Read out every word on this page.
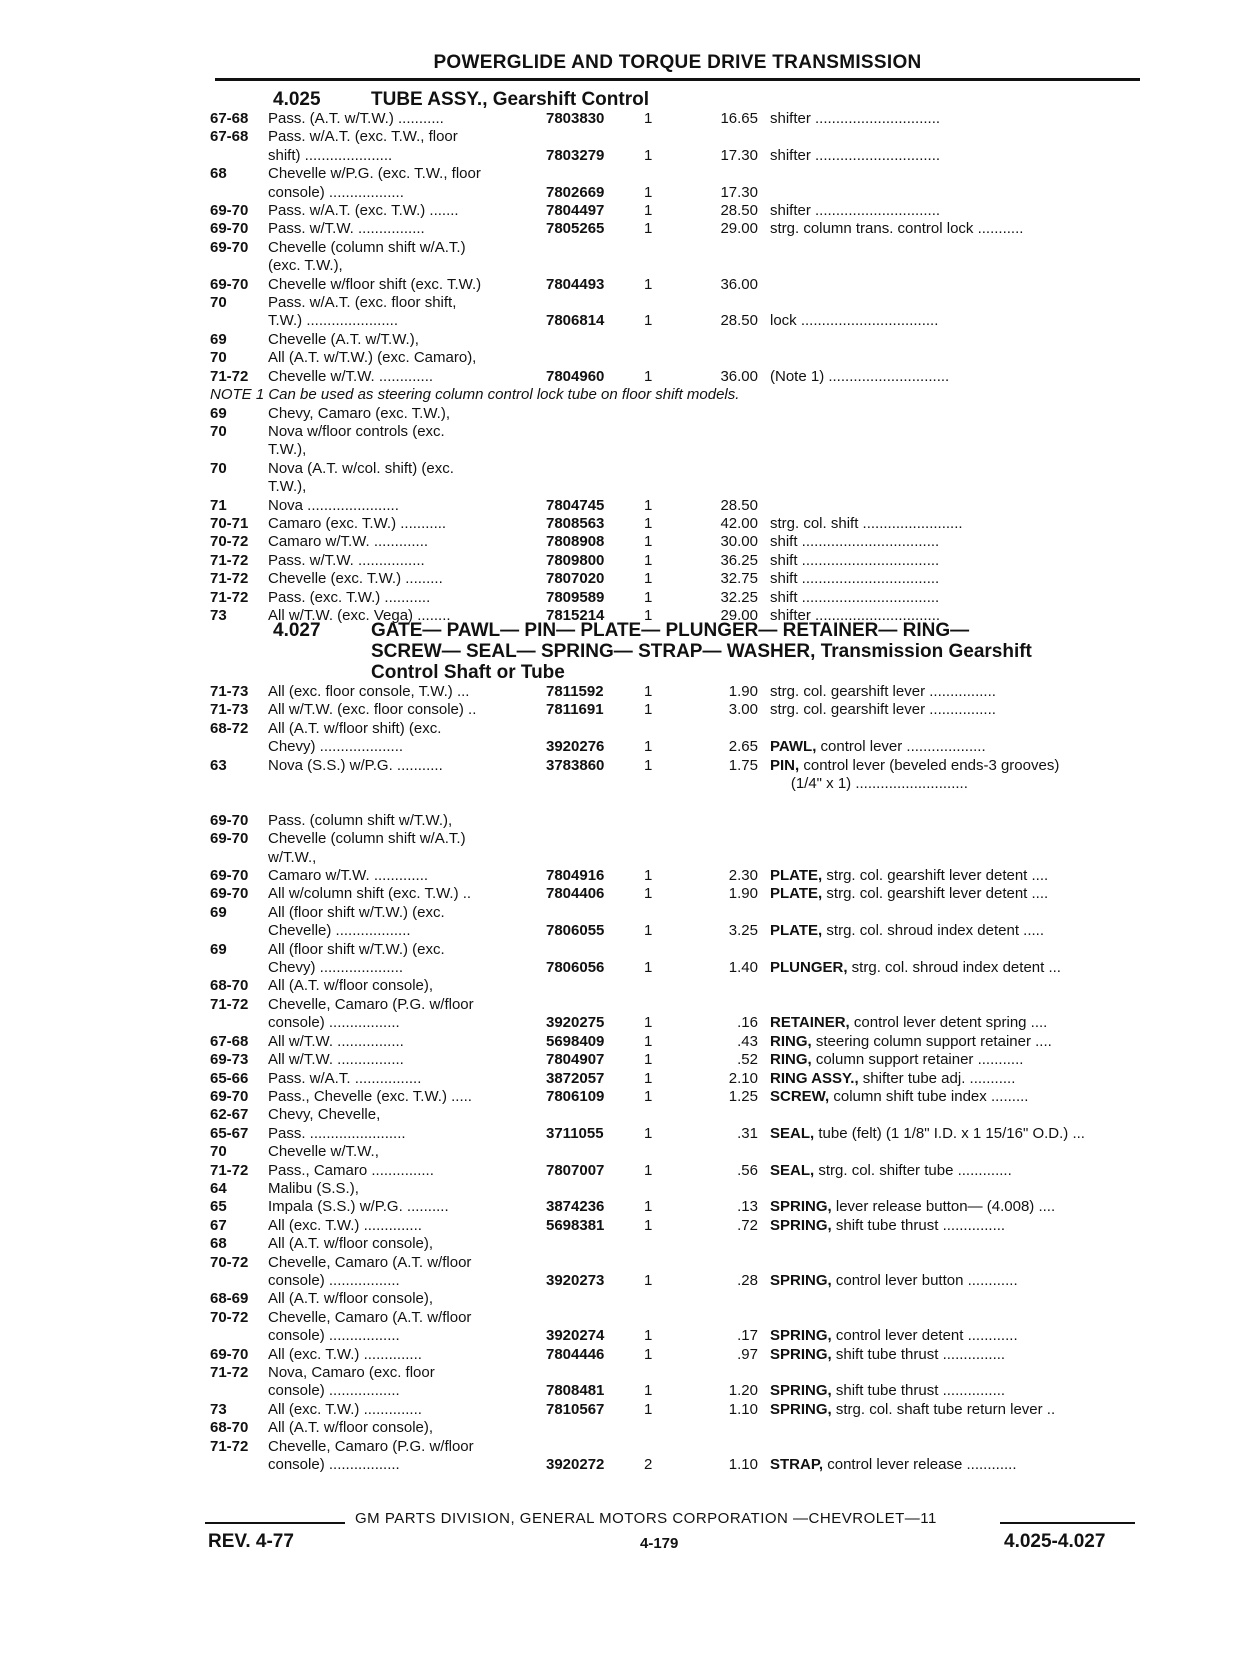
POWERGLIDE AND TORQUE DRIVE TRANSMISSION
4.025	TUBE ASSY., Gearshift Control
67-68	Pass. (A.T. w/T.W.) ...........	7803830	1	16.65	shifter ..............................
67-68	Pass. w/A.T. (exc. T.W., floor				
	shift) .....................	7803279	1	17.30	shifter ..............................
68	Chevelle w/P.G. (exc. T.W., floor				
	console) ..................	7802669	1	17.30	
69-70	Pass. w/A.T. (exc. T.W.) .......	7804497	1	28.50	shifter ..............................
69-70	Pass. w/T.W. ................	7805265	1	29.00	strg. column trans. control lock ...........
69-70	Chevelle (column shift w/A.T.)				
	(exc. T.W.),				
69-70	Chevelle w/floor shift (exc. T.W.)	7804493	1	36.00	
70	Pass. w/A.T. (exc. floor shift,				
	T.W.) ......................	7806814	1	28.50	lock .................................
69	Chevelle (A.T. w/T.W.),				
70	All (A.T. w/T.W.) (exc. Camaro),				
71-72	Chevelle w/T.W. .............	7804960	1	36.00	(Note 1) .............................
NOTE 1 Can be used as steering column control lock tube on floor shift models.					
69	Chevy, Camaro (exc. T.W.),				
70	Nova w/floor controls (exc.				
	T.W.),				
70	Nova (A.T. w/col. shift) (exc.				
	T.W.),				
71	Nova ......................	7804745	1	28.50	
70-71	Camaro (exc. T.W.) ...........	7808563	1	42.00	strg. col. shift ........................
70-72	Camaro w/T.W. .............	7808908	1	30.00	shift .................................
71-72	Pass. w/T.W. ................	7809800	1	36.25	shift .................................
71-72	Chevelle (exc. T.W.) .........	7807020	1	32.75	shift .................................
71-72	Pass. (exc. T.W.) ...........	7809589	1	32.25	shift .................................
73	All w/T.W. (exc. Vega) ........	7815214	1	29.00	shifter ..............................
4.027	GATE— PAWL— PIN— PLATE— PLUNGER— RETAINER— RING—
SCREW— SEAL— SPRING— STRAP— WASHER, Transmission Gearshift
Control Shaft or Tube
71-73	All (exc. floor console, T.W.) ...	7811592	1	1.90	strg. col. gearshift lever ................
71-73	All w/T.W. (exc. floor console) ..	7811691	1	3.00	strg. col. gearshift lever ................
68-72	All (A.T. w/floor shift) (exc.				
	Chevy) ....................	3920276	1	2.65	PAWL, control lever ...................
63	Nova (S.S.) w/P.G. ...........	3783860	1	1.75	PIN, control lever (beveled ends-3 grooves)
					(1/4" x 1) ...........................

69-70	Pass. (column shift w/T.W.),				
69-70	Chevelle (column shift w/A.T.)				
	w/T.W.,				
69-70	Camaro w/T.W. .............	7804916	1	2.30	PLATE, strg. col. gearshift lever detent ....
69-70	All w/column shift (exc. T.W.) ..	7804406	1	1.90	PLATE, strg. col. gearshift lever detent ....
69	All (floor shift w/T.W.) (exc.				
	Chevelle) ..................	7806055	1	3.25	PLATE, strg. col. shroud index detent .....
69	All (floor shift w/T.W.) (exc.				
	Chevy) ....................	7806056	1	1.40	PLUNGER, strg. col. shroud index detent ...
68-70	All (A.T. w/floor console),				
71-72	Chevelle, Camaro (P.G. w/floor				
	console) .................	3920275	1	.16	RETAINER, control lever detent spring ....
67-68	All w/T.W. ................	5698409	1	.43	RING, steering column support retainer ....
69-73	All w/T.W. ................	7804907	1	.52	RING, column support retainer ...........
65-66	Pass. w/A.T. ................	3872057	1	2.10	RING ASSY., shifter tube adj. ...........
69-70	Pass., Chevelle (exc. T.W.) .....	7806109	1	1.25	SCREW, column shift tube index .........
62-67	Chevy, Chevelle,				
65-67	Pass. .......................	3711055	1	.31	SEAL, tube (felt) (1 1/8" I.D. x 1 15/16" O.D.) ...
70	Chevelle w/T.W.,				
71-72	Pass., Camaro ...............	7807007	1	.56	SEAL, strg. col. shifter tube .............
64	Malibu (S.S.),				
65	Impala (S.S.) w/P.G. ..........	3874236	1	.13	SPRING, lever release button— (4.008) ....
67	All (exc. T.W.) ..............	5698381	1	.72	SPRING, shift tube thrust ...............
68	All (A.T. w/floor console),				
70-72	Chevelle, Camaro (A.T. w/floor				
	console) .................	3920273	1	.28	SPRING, control lever button ............
68-69	All (A.T. w/floor console),				
70-72	Chevelle, Camaro (A.T. w/floor				
	console) .................	3920274	1	.17	SPRING, control lever detent ............
69-70	All (exc. T.W.) ..............	7804446	1	.97	SPRING, shift tube thrust ...............
71-72	Nova, Camaro (exc. floor				
	console) .................	7808481	1	1.20	SPRING, shift tube thrust ...............
73	All (exc. T.W.) ..............	7810567	1	1.10	SPRING, strg. col. shaft tube return lever ..
68-70	All (A.T. w/floor console),				
71-72	Chevelle, Camaro (P.G. w/floor				
	console) .................	3920272	2	1.10	STRAP, control lever release ............
GM PARTS DIVISION, GENERAL MOTORS CORPORATION —CHEVROLET—11
REV. 4-77	4-179	4.025-4.027
